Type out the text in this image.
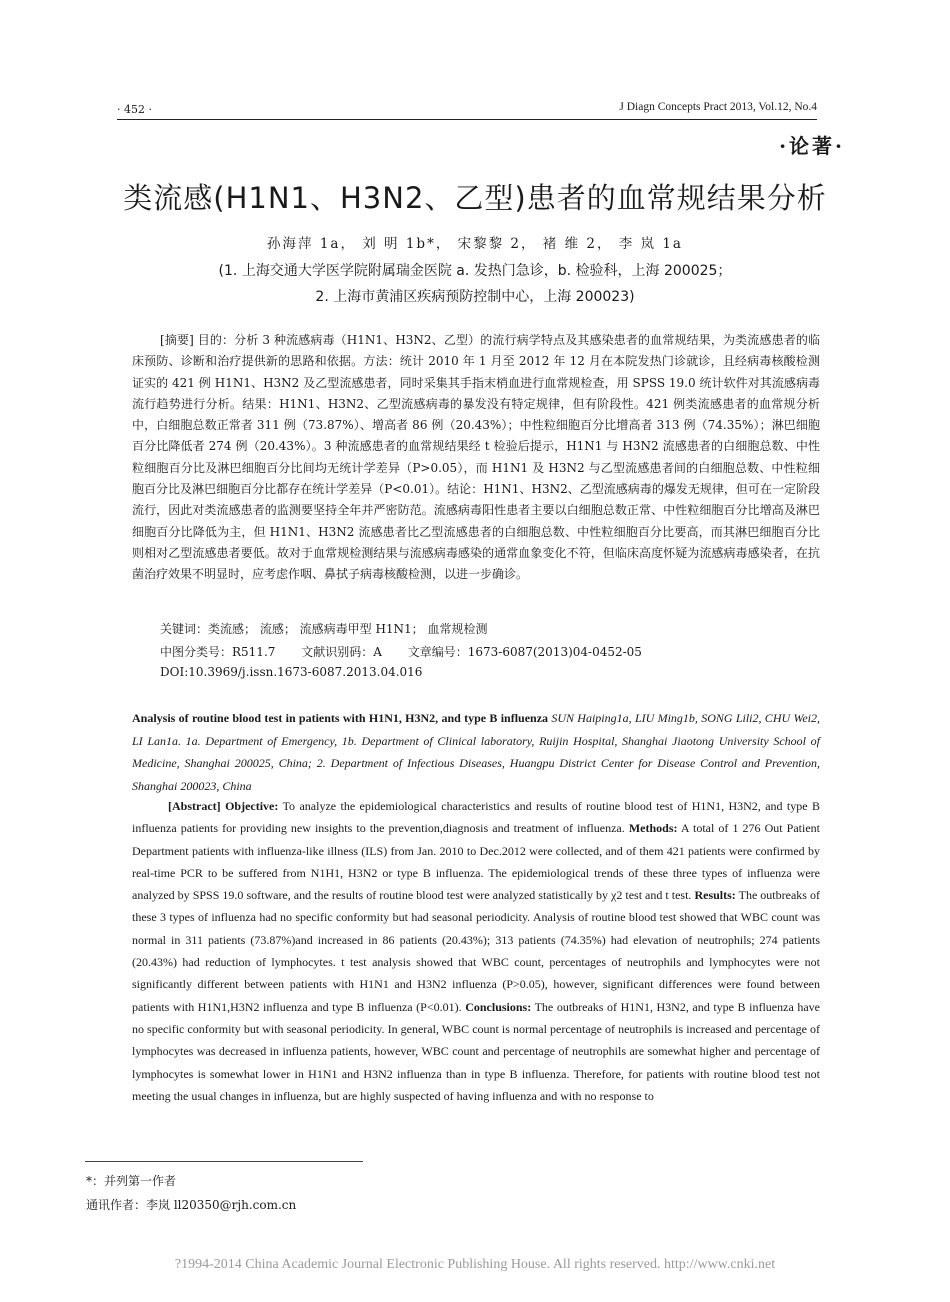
· 452 ·	J Diagn Concepts Pract 2013, Vol.12, No.4
·论著·
类流感(H1N1、H3N2、乙型)患者的血常规结果分析
孙海萍 1a， 刘 明 1b*， 宋黎黎 2， 褚 维 2， 李 岚 1a
(1. 上海交通大学医学院附属瑞金医院 a. 发热门急诊，b. 检验科，上海 200025；
2. 上海市黄浦区疾病预防控制中心，上海 200023)

[摘要] 目的：分析 3 种流感病毒（H1N1、H3N2、乙型）的流行病学特点及其感染患者的血常规结果，为类流感患者的临床预防、诊断和治疗提供新的思路和依据。方法：统计 2010 年 1 月至 2012 年 12 月在本院发热门诊就诊，且经病毒核酸检测证实的 421 例 H1N1、H3N2 及乙型流感患者，同时采集其手指末梢血进行血常规检查，用 SPSS 19.0 统计软件对其流感病毒流行趋势进行分析。结果：H1N1、H3N2、乙型流感病毒的暴发没有特定规律，但有阶段性。421 例类流感患者的血常规分析中，白细胞总数正常者 311 例（73.87%）、增高者 86 例（20.43%）；中性粒细胞百分比增高者 313 例（74.35%）；淋巴细胞百分比降低者 274 例（20.43%）。3 种流感患者的血常规结果经 t 检验后提示，H1N1 与 H3N2 流感患者的白细胞总数、中性粒细胞百分比及淋巴细胞百分比间均无统计学差异（P>0.05），而 H1N1 及 H3N2 与乙型流感患者间的白细胞总数、中性粒细胞百分比及淋巴细胞百分比都存在统计学差异（P<0.01）。结论：H1N1、H3N2、乙型流感病毒的爆发无规律，但可在一定阶段流行，因此对类流感患者的监测要坚持全年并严密防范。流感病毒阳性患者主要以白细胞总数正常、中性粒细胞百分比增高及淋巴细胞百分比降低为主，但 H1N1、H3N2 流感患者比乙型流感患者的白细胞总数、中性粒细胞百分比要高，而其淋巴细胞百分比则相对乙型流感患者要低。故对于血常规检测结果与流感病毒感染的通常血象变化不符，但临床高度怀疑为流感病毒感染者，在抗菌治疗效果不明显时，应考虑作咽、鼻拭子病毒核酸检测，以进一步确诊。

关键词：类流感； 流感； 流感病毒甲型 H1N1； 血常规检测

中图分类号：R511.7 文献识别码：A 文章编号：1673-6087(2013)04-0452-05

DOI:10.3969/j.issn.1673-6087.2013.04.016

Analysis of routine blood test in patients with H1N1, H3N2, and type B influenza SUN Haiping1a, LIU Ming1b, SONG Lili2, CHU Wei2, LI Lan1a. 1a. Department of Emergency, 1b. Department of Clinical laboratory, Ruijin Hospital, Shanghai Jiaotong University School of Medicine, Shanghai 200025, China; 2. Department of Infectious Diseases, Huangpu District Center for Disease Control and Prevention, Shanghai 200023, China

[Abstract] Objective: To analyze the epidemiological characteristics and results of routine blood test of H1N1, H3N2, and type B influenza patients for providing new insights to the prevention,diagnosis and treatment of influenza. Methods: A total of 1 276 Out Patient Department patients with influenza-like illness (ILS) from Jan. 2010 to Dec.2012 were collected, and of them 421 patients were confirmed by real-time PCR to be suffered from N1H1, H3N2 or type B influenza. The epidemiological trends of these three types of influenza were analyzed by SPSS 19.0 software, and the results of routine blood test were analyzed statistically by χ2 test and t test. Results: The outbreaks of these 3 types of influenza had no specific conformity but had seasonal periodicity. Analysis of routine blood test showed that WBC count was normal in 311 patients (73.87%)and increased in 86 patients (20.43%); 313 patients (74.35%) had elevation of neutrophils; 274 patients (20.43%) had reduction of lymphocytes. t test analysis showed that WBC count, percentages of neutrophils and lymphocytes were not significantly different between patients with H1N1 and H3N2 influenza (P>0.05), however, significant differences were found between patients with H1N1,H3N2 influenza and type B influenza (P<0.01). Conclusions: The outbreaks of H1N1, H3N2, and type B influenza have no specific conformity but with seasonal periodicity. In general, WBC count is normal percentage of neutrophils is increased and percentage of lymphocytes was decreased in influenza patients, however, WBC count and percentage of neutrophils are somewhat higher and percentage of lymphocytes is somewhat lower in H1N1 and H3N2 influenza than in type B influenza. Therefore, for patients with routine blood test not meeting the usual changes in influenza, but are highly suspected of having influenza and with no response to

*：并列第一作者
通讯作者：李岚 ll20350@rjh.com.cn
?1994-2014 China Academic Journal Electronic Publishing House. All rights reserved. http://www.cnki.net
